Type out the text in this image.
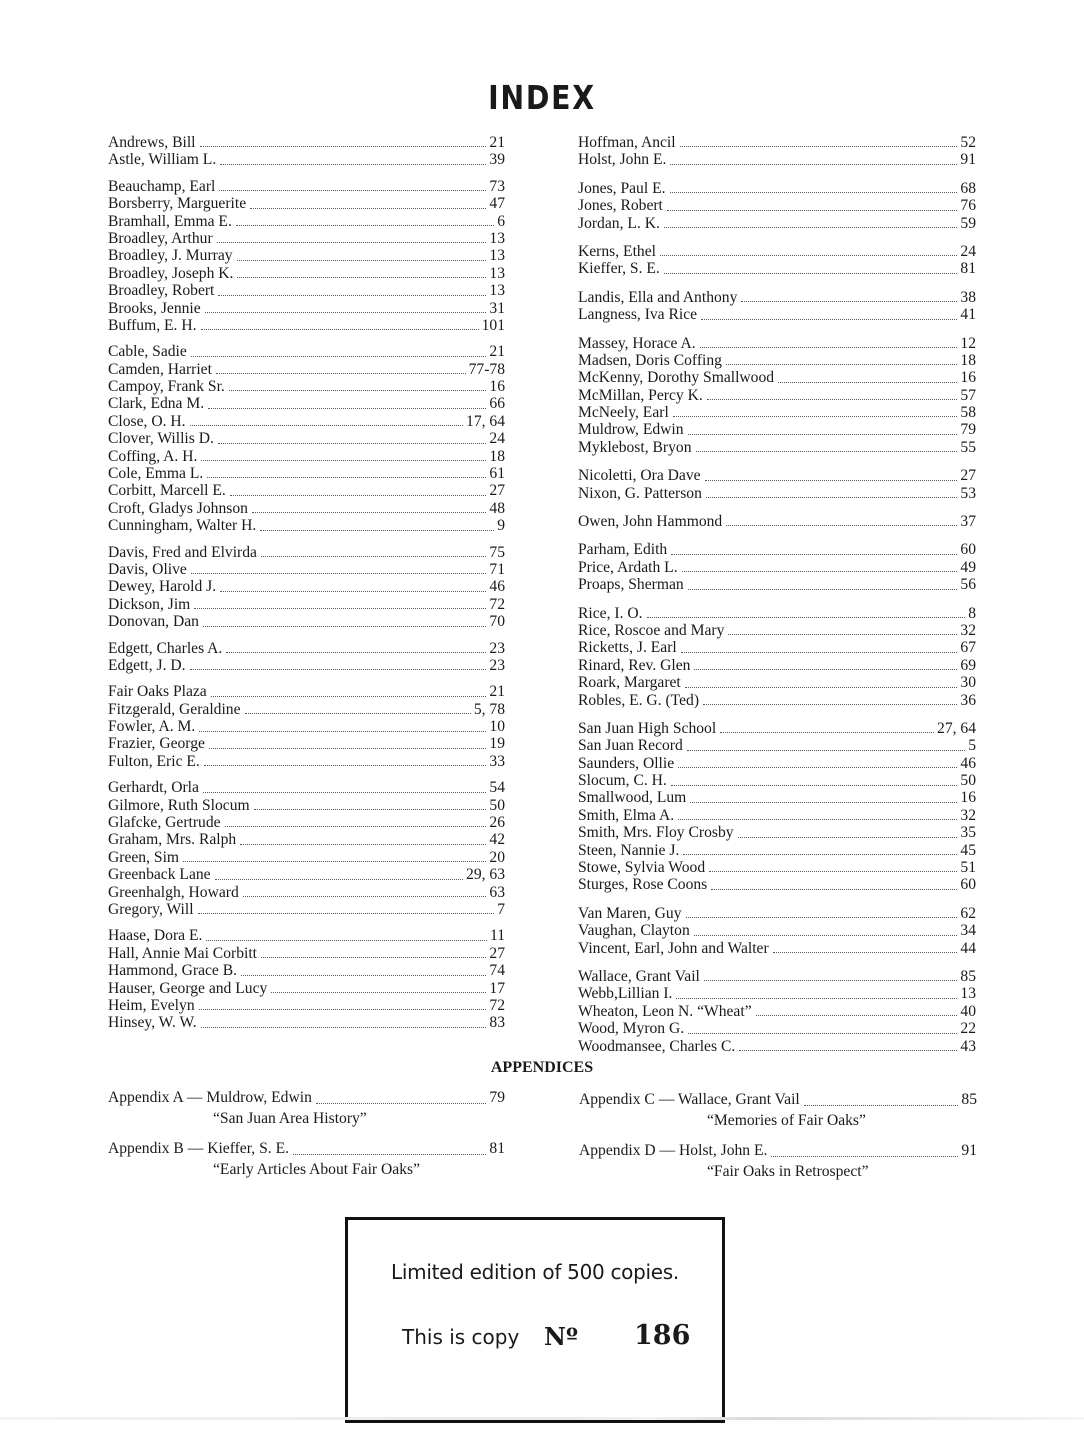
INDEX
Andrews, Bill	21
Astle, William L.	39
Beauchamp, Earl	73
Borsberry, Marguerite	47
Bramhall, Emma E.	6
Broadley, Arthur	13
Broadley, J. Murray	13
Broadley, Joseph K.	13
Broadley, Robert	13
Brooks, Jennie	31
Buffum, E. H.	101
Cable, Sadie	21
Camden, Harriet	77-78
Campoy, Frank Sr.	16
Clark, Edna M.	66
Close, O. H.	17, 64
Clover, Willis D.	24
Coffing, A. H.	18
Cole, Emma L.	61
Corbitt, Marcell E.	27
Croft, Gladys Johnson	48
Cunningham, Walter H.	9
Davis, Fred and Elvirda	75
Davis, Olive	71
Dewey, Harold J.	46
Dickson, Jim	72
Donovan, Dan	70
Edgett, Charles A.	23
Edgett, J. D.	23
Fair Oaks Plaza	21
Fitzgerald, Geraldine	5, 78
Fowler, A. M.	10
Frazier, George	19
Fulton, Eric E.	33
Gerhardt, Orla	54
Gilmore, Ruth Slocum	50
Glafcke, Gertrude	26
Graham, Mrs. Ralph	42
Green, Sim	20
Greenback Lane	29, 63
Greenhalgh, Howard	63
Gregory, Will	7
Haase, Dora E.	11
Hall, Annie Mai Corbitt	27
Hammond, Grace B.	74
Hauser, George and Lucy	17
Heim, Evelyn	72
Hinsey, W. W.	83
Hoffman, Ancil	52
Holst, John E.	91
Jones, Paul E.	68
Jones, Robert	76
Jordan, L. K.	59
Kerns, Ethel	24
Kieffer, S. E.	81
Landis, Ella and Anthony	38
Langness, Iva Rice	41
Massey, Horace A.	12
Madsen, Doris Coffing	18
McKenny, Dorothy Smallwood	16
McMillan, Percy K.	57
McNeely, Earl	58
Muldrow, Edwin	79
Myklebost, Bryon	55
Nicoletti, Ora Dave	27
Nixon, G. Patterson	53
Owen, John Hammond	37
Parham, Edith	60
Price, Ardath L.	49
Proaps, Sherman	56
Rice, I. O.	8
Rice, Roscoe and Mary	32
Ricketts, J. Earl	67
Rinard, Rev. Glen	69
Roark, Margaret	30
Robles, E. G. (Ted)	36
San Juan High School	27, 64
San Juan Record	5
Saunders, Ollie	46
Slocum, C. H.	50
Smallwood, Lum	16
Smith, Elma A.	32
Smith, Mrs. Floy Crosby	35
Steen, Nannie J.	45
Stowe, Sylvia Wood	51
Sturges, Rose Coons	60
Van Maren, Guy	62
Vaughan, Clayton	34
Vincent, Earl, John and Walter	44
Wallace, Grant Vail	85
Webb,Lillian I.	13
Wheaton, Leon N. “Wheat”	40
Wood, Myron G.	22
Woodmansee, Charles C.	43
APPENDICES
Appendix A — Muldrow, Edwin	79
“San Juan Area History”
Appendix B — Kieffer, S. E.	81
“Early Articles About Fair Oaks”
Appendix C — Wallace, Grant Vail	85
“Memories of Fair Oaks”
Appendix D — Holst, John E.	91
“Fair Oaks in Retrospect”
Limited edition of 500 copies.
This is copy Nº 186
